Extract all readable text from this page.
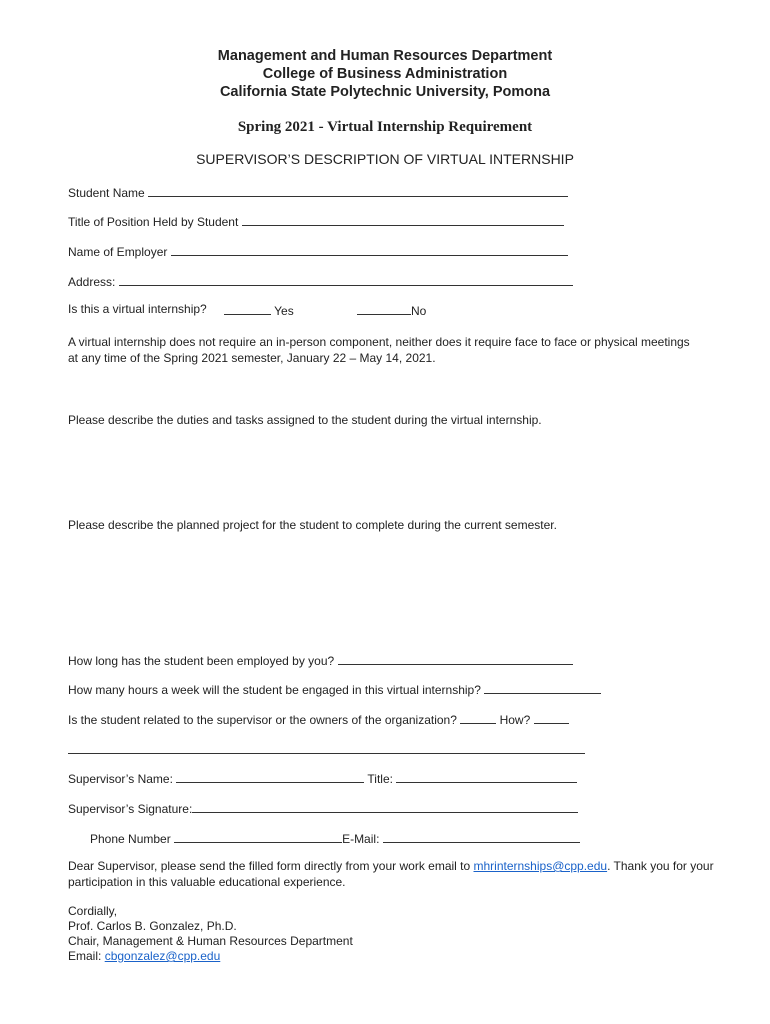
Management and Human Resources Department
College of Business Administration
California State Polytechnic University, Pomona
Spring 2021 - Virtual Internship Requirement
SUPERVISOR’S DESCRIPTION OF VIRTUAL INTERNSHIP
Student Name
Title of Position Held by Student
Name of Employer
Address:
Is this a virtual internship?	Yes	No
A virtual internship does not require an in-person component, neither does it require face to face or physical meetings
at any time of the Spring 2021 semester, January 22 – May 14, 2021.
Please describe the duties and tasks assigned to the student during the virtual internship.
Please describe the planned project for the student to complete during the current semester.
How long has the student been employed by you?
How many hours a week will the student be engaged in this virtual internship?
Is the student related to the supervisor or the owners of the organization?	How?
Supervisor’s Name:	Title:
Supervisor’s Signature:
Phone Number	E-Mail:
Dear Supervisor, please send the filled form directly from your work email to mhrinternships@cpp.edu. Thank you for your
participation in this valuable educational experience.
Cordially,
Prof. Carlos B. Gonzalez, Ph.D.
Chair, Management & Human Resources Department
Email: cbgonzalez@cpp.edu
